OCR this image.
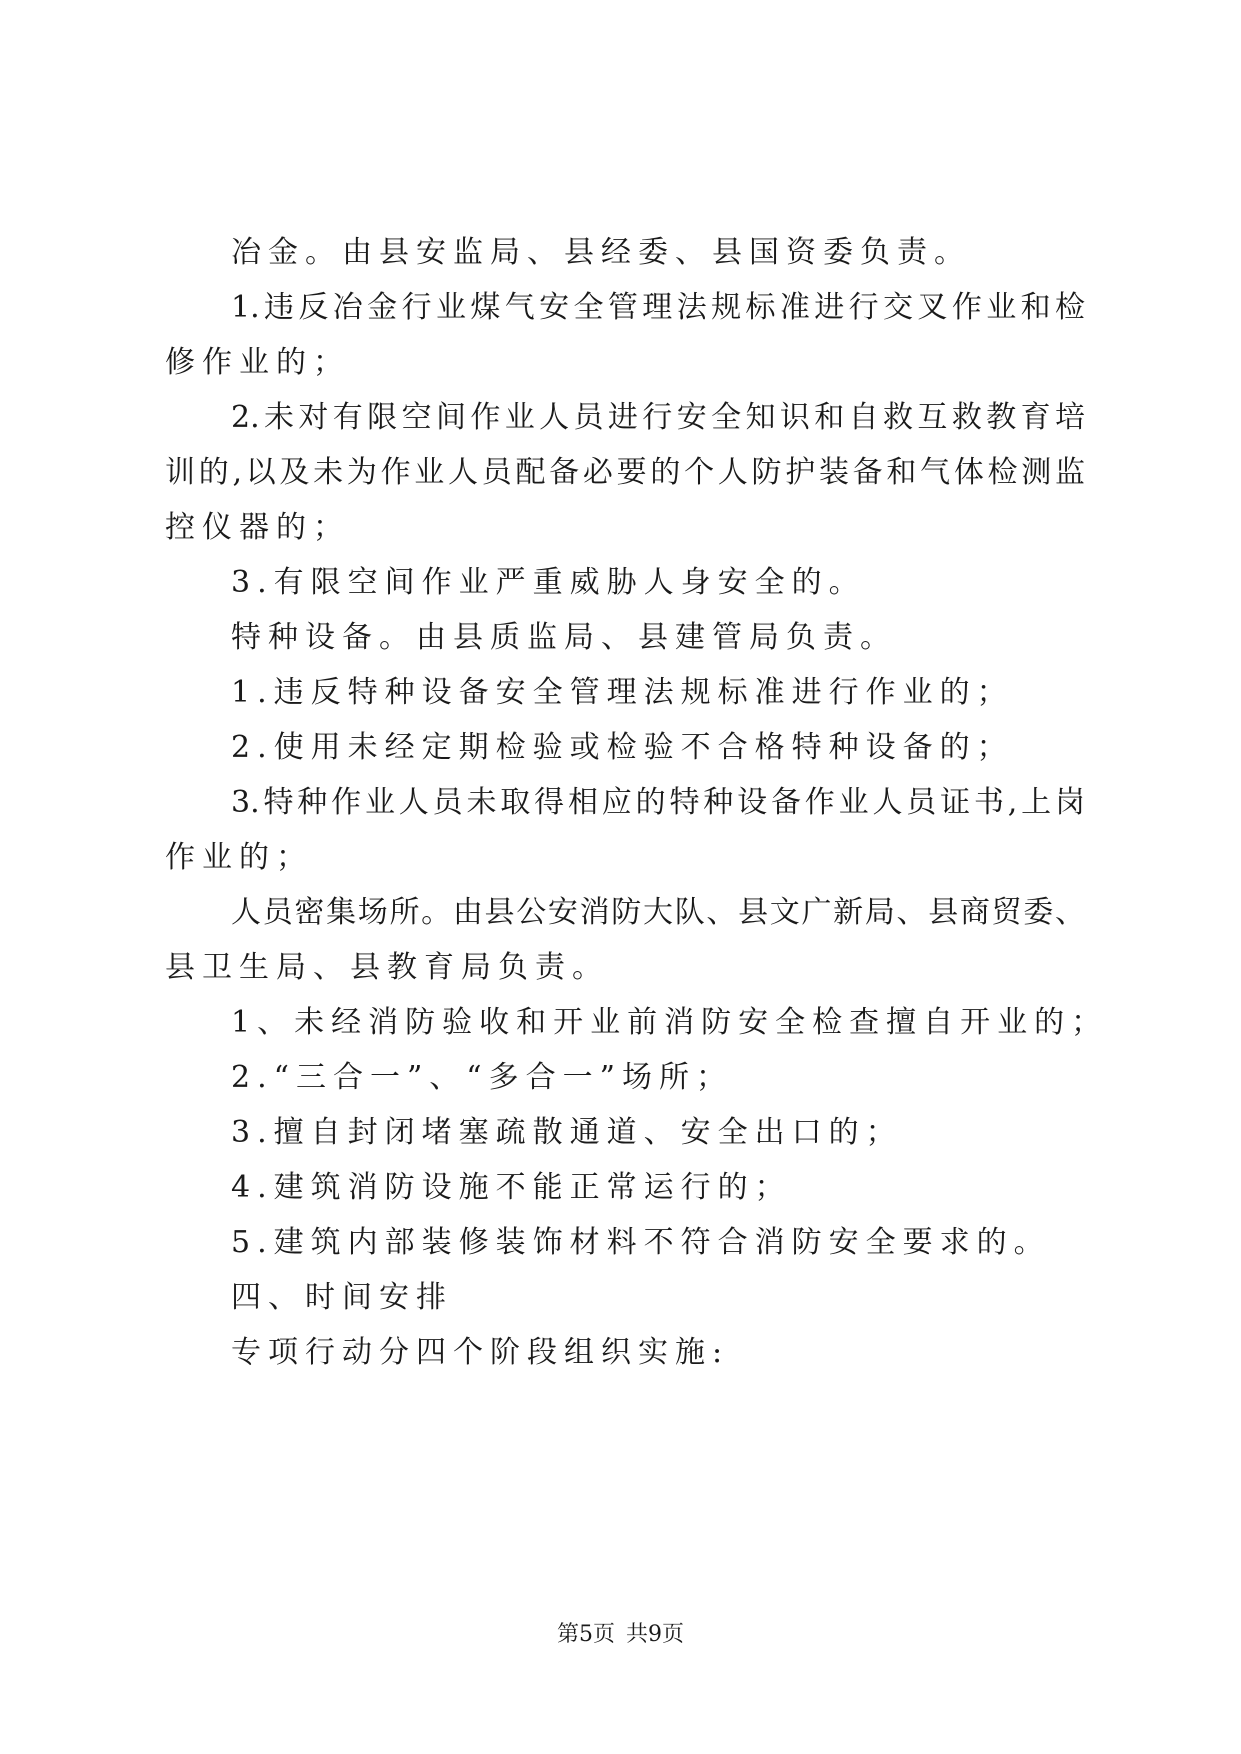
冶金。由县安监局、县经委、县国资委负责。
1.违反冶金行业煤气安全管理法规标准进行交叉作业和检
修作业的；
2.未对有限空间作业人员进行安全知识和自救互救教育培
训的,以及未为作业人员配备必要的个人防护装备和气体检测监
控仪器的；
3.有限空间作业严重威胁人身安全的。
特种设备。由县质监局、县建管局负责。
1.违反特种设备安全管理法规标准进行作业的；
2.使用未经定期检验或检验不合格特种设备的；
3.特种作业人员未取得相应的特种设备作业人员证书,上岗
作业的；
人员密集场所。由县公安消防大队、县文广新局、县商贸委、
县卫生局、县教育局负责。
1、未经消防验收和开业前消防安全检查擅自开业的；
2.“三合一”、“多合一”场所；
3.擅自封闭堵塞疏散通道、安全出口的；
4.建筑消防设施不能正常运行的；
5.建筑内部装修装饰材料不符合消防安全要求的。
四、时间安排
专项行动分四个阶段组织实施:
第5页 共9页
